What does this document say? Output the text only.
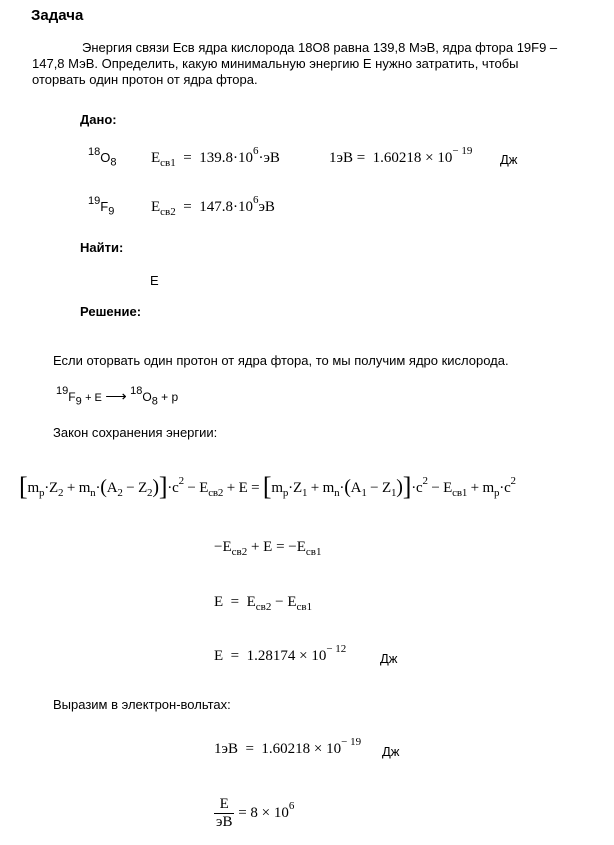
Задача
Энергия связи Есв ядра кислорода 18O8 равна 139,8 МэВ, ядра фтора 19F9 –
147,8 МэВ. Определить, какую минимальную энергию Е нужно затратить, чтобы
оторвать один протон от ядра фтора.
Дано:
$^{18}O_8$ $E_{св1} = 139.8\cdot 10^6\cdot эВ$	$1эВ = 1.60218 \times 10^{- 19}$
Дж
$^{19}F_9$ $E_{св2} = 147.8\cdot 10^6эВ$
Найти:
E
Решение:
Если оторвать один протон от ядра фтора, то мы получим ядро кислорода.
$^{19}F_9 + E$ ⟶ $^{18}O_8 + p$
Закон сохранения энергии:
$[m_p\cdot Z_2 + m_n\cdot(A_2 - Z_2)]\cdot c^2 - E_{св2} + E = [m_p\cdot Z_1 + m_n\cdot(A_1 - Z_1)]\cdot c^2 - E_{св1} + m_p\cdot c^2$
$-E_{св2} + E = -E_{св1}$
$E = E_{св2} - E_{св1}$
$E = 1.28174 \times 10^{- 12}$
Дж
Выразим в электрон-вольтах:
$1эВ = 1.60218 \times 10^{- 19}$
Дж
$\frac{E}{эВ} = 8 \times 10^6$
